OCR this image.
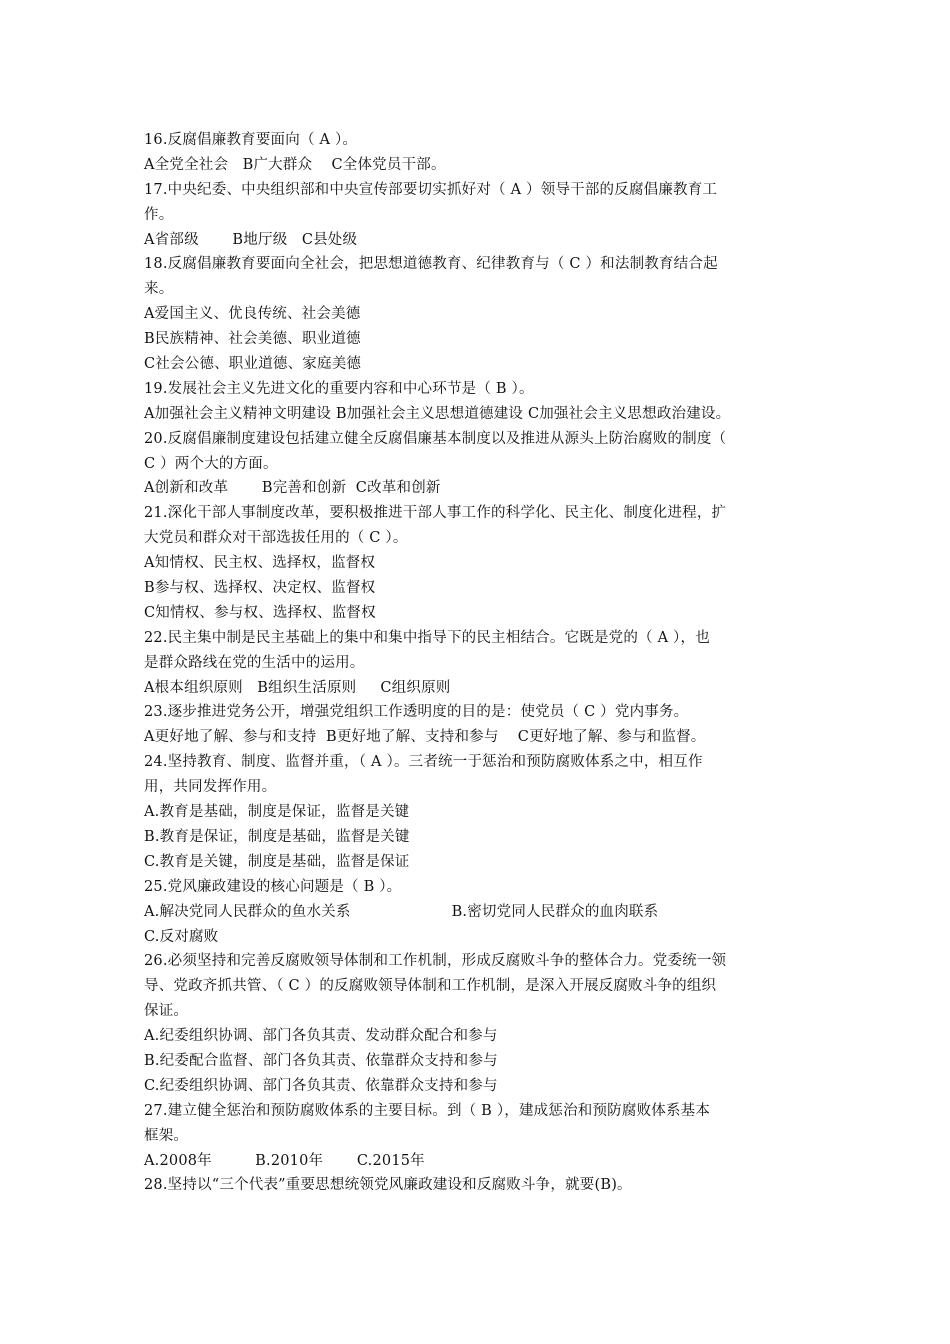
16.反腐倡廉教育要面向（ A ）。
A全党全社会   B广大群众    C全体党员干部。
17.中央纪委、中央组织部和中央宣传部要切实抓好对（ A ）领导干部的反腐倡廉教育工
作。
A省部级       B地厅级   C县处级
18.反腐倡廉教育要面向全社会，把思想道德教育、纪律教育与（ C ）和法制教育结合起
来。
A爱国主义、优良传统、社会美德
B民族精神、社会美德、职业道德
C社会公德、职业道德、家庭美德
19.发展社会主义先进文化的重要内容和中心环节是（ B ）。
A加强社会主义精神文明建设 B加强社会主义思想道德建设 C加强社会主义思想政治建设。
20.反腐倡廉制度建设包括建立健全反腐倡廉基本制度以及推进从源头上防治腐败的制度（
C ）两个大的方面。
A创新和改革       B完善和创新  C改革和创新
21.深化干部人事制度改革，要积极推进干部人事工作的科学化、民主化、制度化进程，扩
大党员和群众对干部选拔任用的（ C ）。
A知情权、民主权、选择权，监督权
B参与权、选择权、决定权、监督权
C知情权、参与权、选择权、监督权
22.民主集中制是民主基础上的集中和集中指导下的民主相结合。它既是党的（ A ），也
是群众路线在党的生活中的运用。
A根本组织原则   B组织生活原则     C组织原则
23.逐步推进党务公开，增强党组织工作透明度的目的是：使党员（ C ）党内事务。
A更好地了解、参与和支持  B更好地了解、支持和参与    C更好地了解、参与和监督。
24.坚持教育、制度、监督并重，（ A ）。三者统一于惩治和预防腐败体系之中，相互作
用，共同发挥作用。
A.教育是基础，制度是保证，监督是关键
B.教育是保证，制度是基础，监督是关键
C.教育是关键，制度是基础，监督是保证
25.党风廉政建设的核心问题是（ B ）。
A.解决党同人民群众的鱼水关系                     B.密切党同人民群众的血肉联系
C.反对腐败
26.必须坚持和完善反腐败领导体制和工作机制，形成反腐败斗争的整体合力。党委统一领
导、党政齐抓共管、（ C ）的反腐败领导体制和工作机制，是深入开展反腐败斗争的组织
保证。
A.纪委组织协调、部门各负其责、发动群众配合和参与
B.纪委配合监督、部门各负其责、依靠群众支持和参与
C.纪委组织协调、部门各负其责、依靠群众支持和参与
27.建立健全惩治和预防腐败体系的主要目标。到（ B ），建成惩治和预防腐败体系基本
框架。
A.2008年         B.2010年       C.2015年
28.坚持以“三个代表”重要思想统领党风廉政建设和反腐败斗争，就要(B)。
